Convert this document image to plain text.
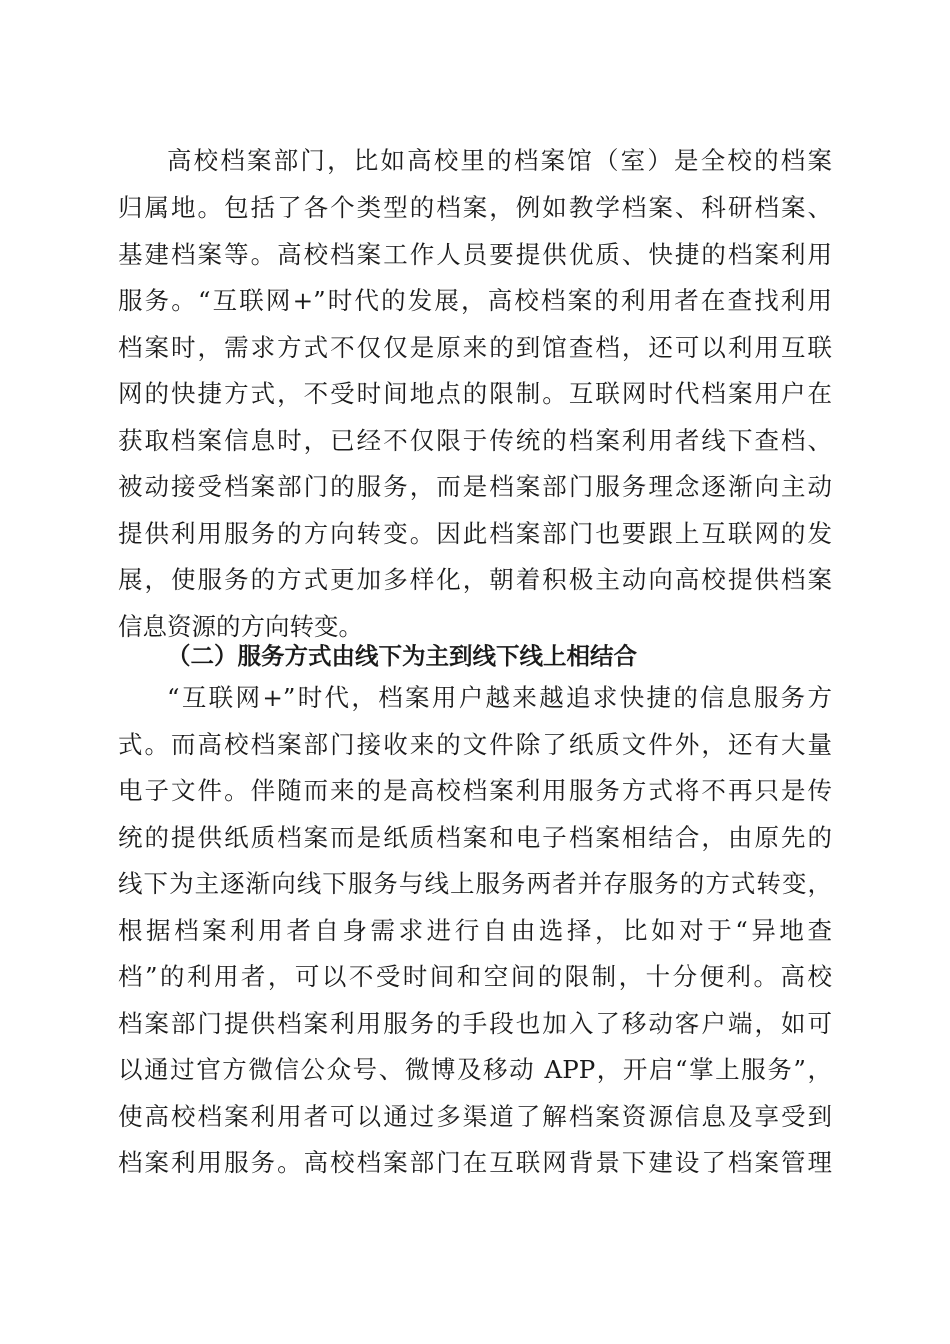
高校档案部门，比如高校里的档案馆（室）是全校的档案
归属地。包括了各个类型的档案，例如教学档案、科研档案、
基建档案等。高校档案工作人员要提供优质、快捷的档案利用
服务。“互联网+”时代的发展，高校档案的利用者在查找利用
档案时，需求方式不仅仅是原来的到馆查档，还可以利用互联
网的快捷方式，不受时间地点的限制。互联网时代档案用户在
获取档案信息时，已经不仅限于传统的档案利用者线下查档、
被动接受档案部门的服务，而是档案部门服务理念逐渐向主动
提供利用服务的方向转变。因此档案部门也要跟上互联网的发
展，使服务的方式更加多样化，朝着积极主动向高校提供档案
信息资源的方向转变。
（二）服务方式由线下为主到线下线上相结合
“互联网+”时代，档案用户越来越追求快捷的信息服务方
式。而高校档案部门接收来的文件除了纸质文件外，还有大量
电子文件。伴随而来的是高校档案利用服务方式将不再只是传
统的提供纸质档案而是纸质档案和电子档案相结合，由原先的
线下为主逐渐向线下服务与线上服务两者并存服务的方式转变，
根据档案利用者自身需求进行自由选择，比如对于“异地查
档”的利用者，可以不受时间和空间的限制，十分便利。高校
档案部门提供档案利用服务的手段也加入了移动客户端，如可
以通过官方微信公众号、微博及移动 APP，开启“掌上服务”，
使高校档案利用者可以通过多渠道了解档案资源信息及享受到
档案利用服务。高校档案部门在互联网背景下建设了档案管理
